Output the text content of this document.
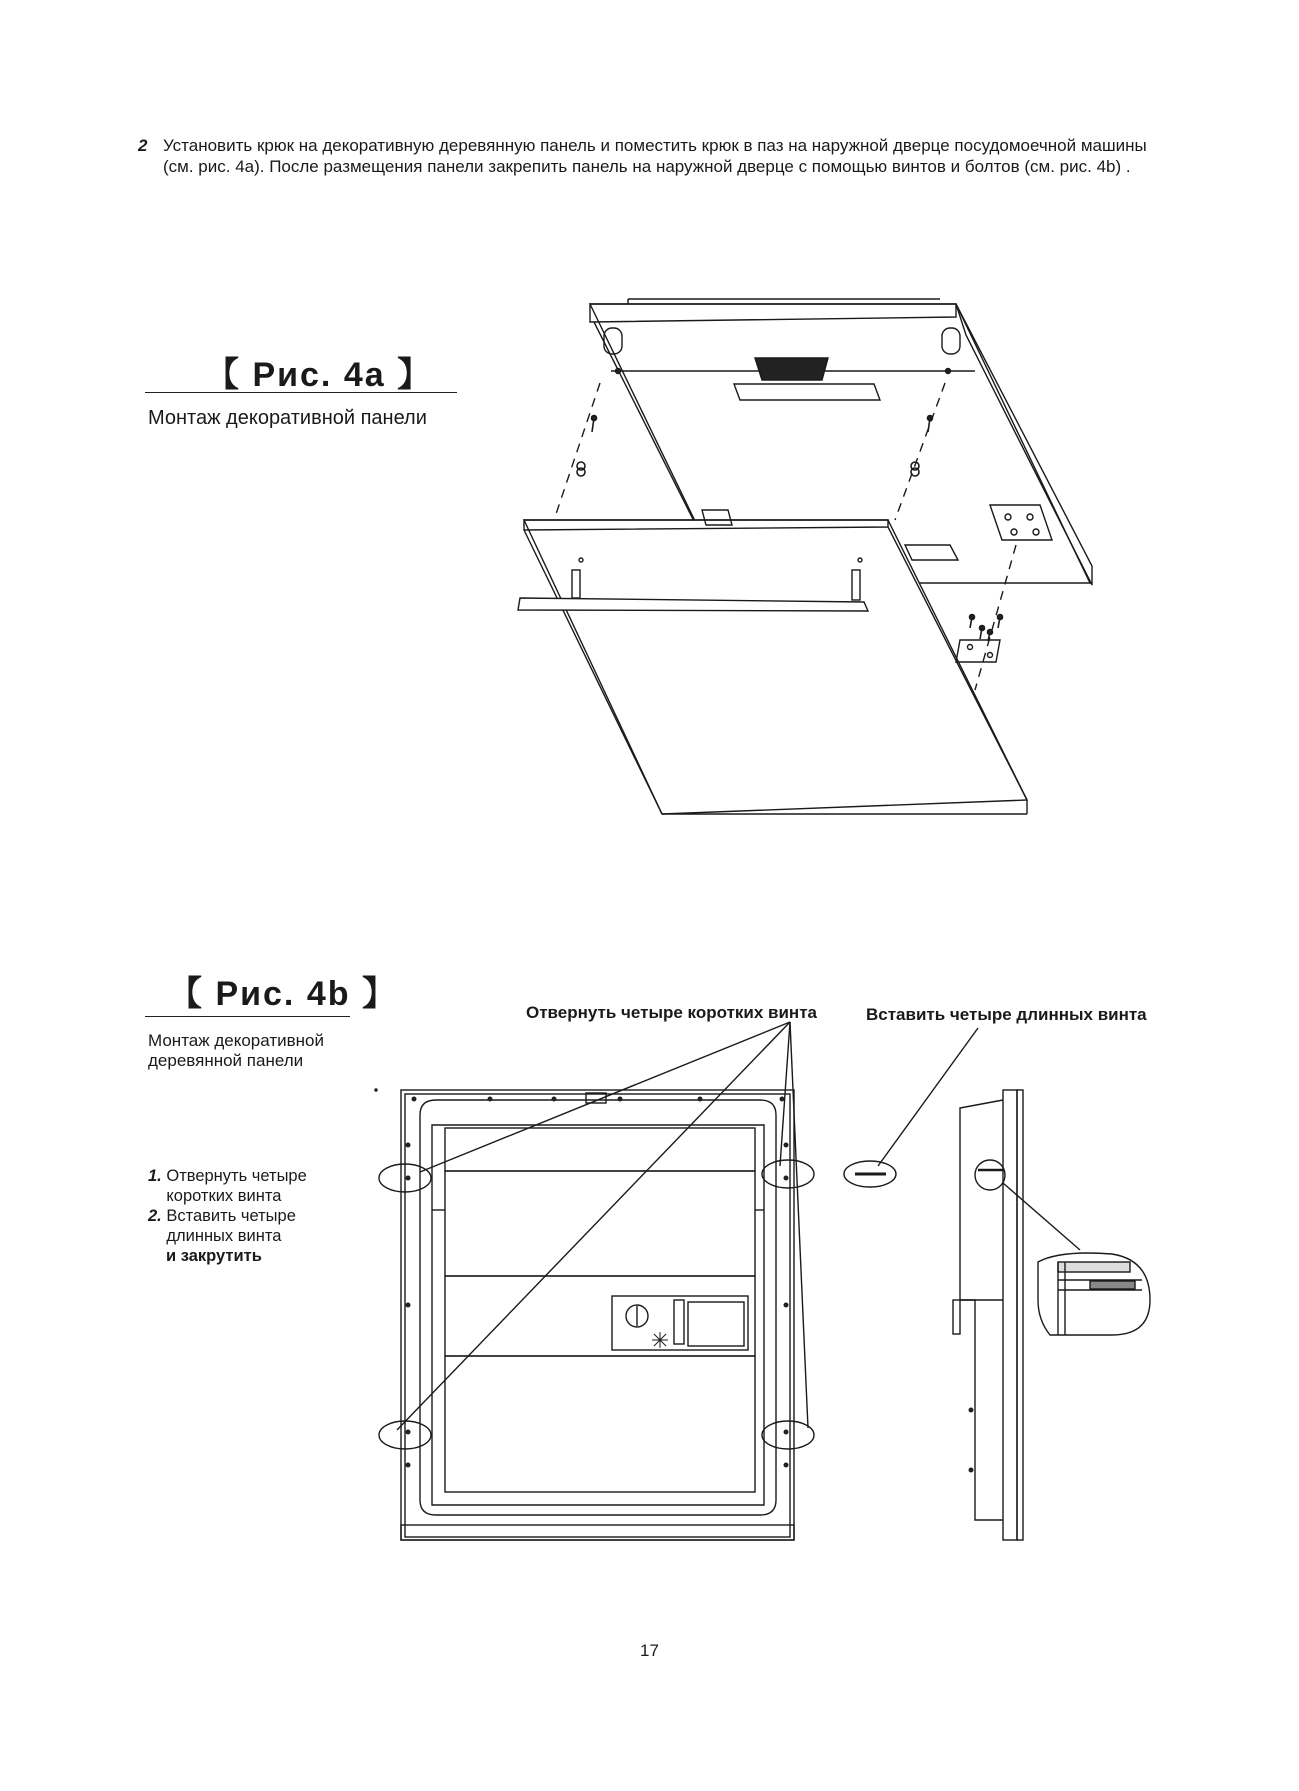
2 Установить крюк на декоративную деревянную панель и поместить крюк в паз на наружной дверце посудомоечной машины (см. рис. 4a). После размещения панели закрепить панель на наружной дверце с помощью винтов и болтов (см. рис. 4b) .
【 Рис. 4a 】
Монтаж декоративной панели
【 Рис. 4b 】
Монтаж декоративной деревянной панели
1.
Отвернуть четыре коротких винта
2.
Вставить четыре длинных винта
и закрутить
Отвернуть четыре коротких винта	Вставить четыре длинных винта
17
